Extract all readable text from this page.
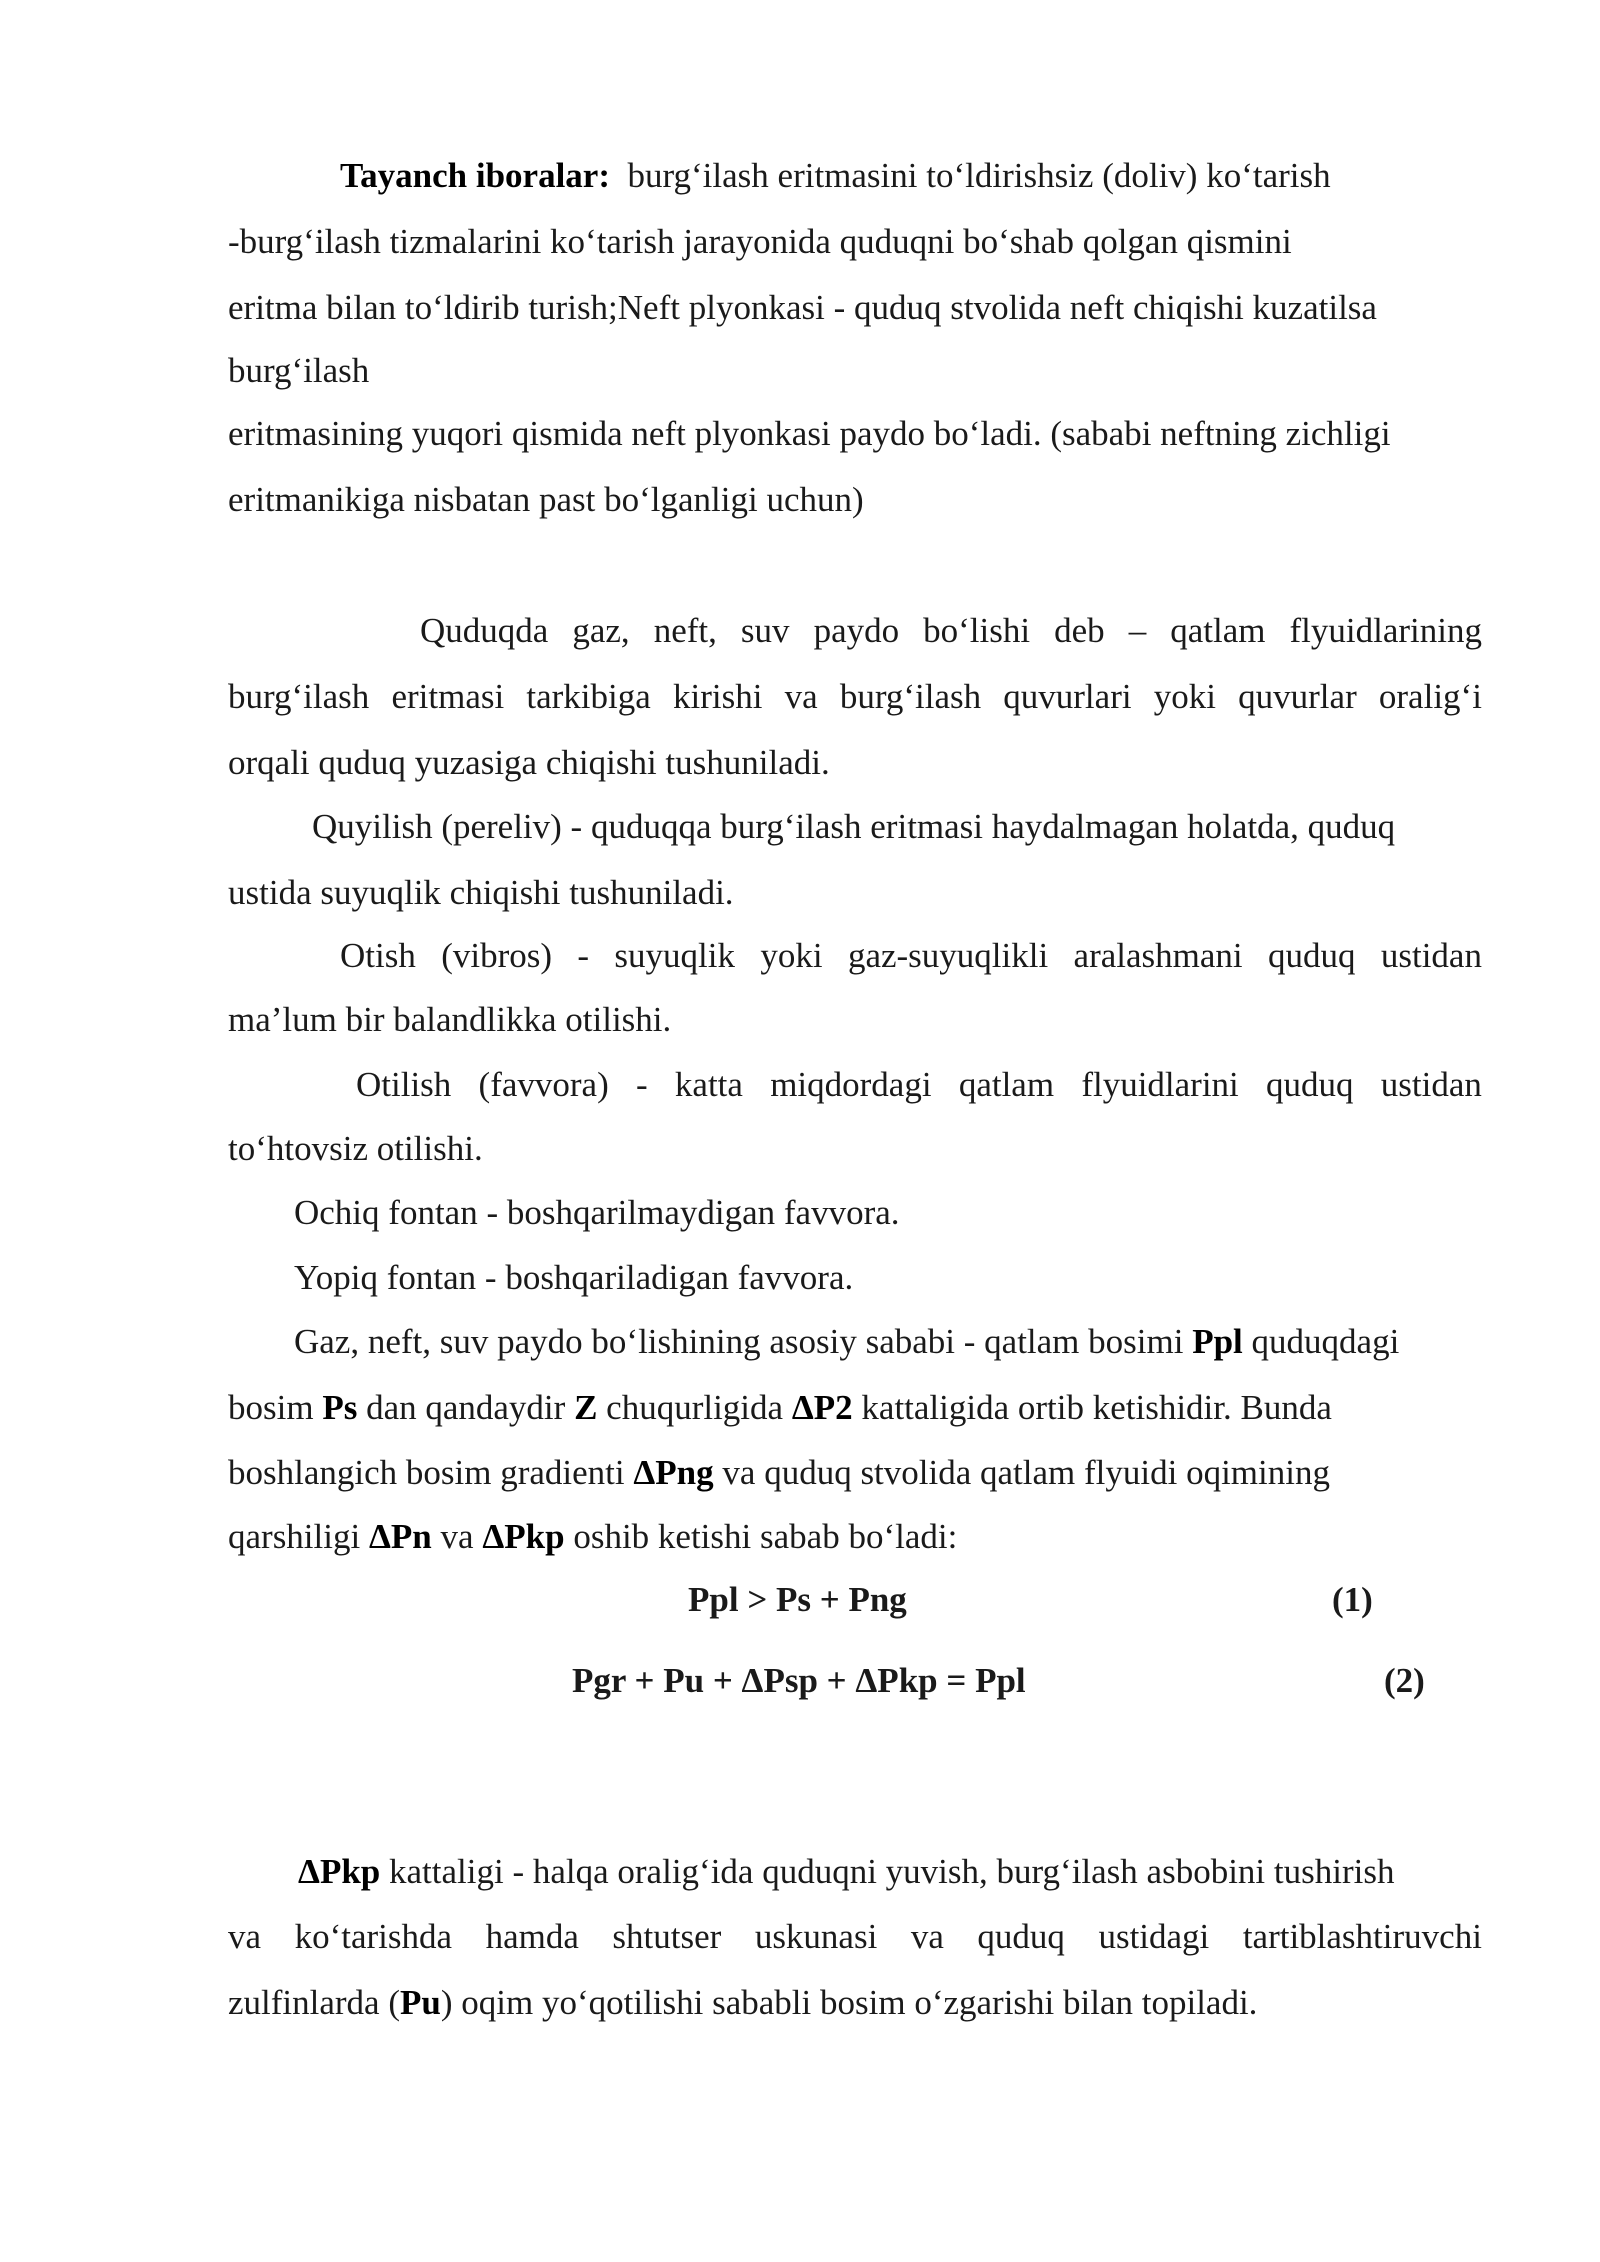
Tayanch iboralar: burg‘ilash eritmasini to‘ldirishsiz (doliv) ko‘tarish
-burg‘ilash tizmalarini ko‘tarish jarayonida quduqni bo‘shab qolgan qismini
eritma bilan to‘ldirib turish;Neft plyonkasi - quduq stvolida neft chiqishi kuzatilsa
burg‘ilash
eritmasining yuqori qismida neft plyonkasi paydo bo‘ladi. (sababi neftning zichligi
eritmanikiga nisbatan past bo‘lganligi uchun)
Quduqda gaz, neft, suv paydo bo‘lishi deb – qatlam flyuidlarining
burg‘ilash eritmasi tarkibiga kirishi va burg‘ilash quvurlari yoki quvurlar oralig‘i
orqali quduq yuzasiga chiqishi tushuniladi.
Quyilish (pereliv) - quduqqa burg‘ilash eritmasi haydalmagan holatda, quduq
ustida suyuqlik chiqishi tushuniladi.
Otish (vibros) - suyuqlik yoki gaz-suyuqlikli aralashmani quduq ustidan
ma’lum bir balandlikka otilishi.
Otilish (favvora) - katta miqdordagi qatlam flyuidlarini quduq ustidan
to‘htovsiz otilishi.
Ochiq fontan - boshqarilmaydigan favvora.
Yopiq fontan - boshqariladigan favvora.
Gaz, neft, suv paydo bo‘lishining asosiy sababi - qatlam bosimi Ppl quduqdagi
bosim Ps dan qandaydir Z chuqurligida ΔP2 kattaligida ortib ketishidir. Bunda
boshlangich bosim gradienti ΔPng va quduq stvolida qatlam flyuidi oqimining
qarshiligi ΔPn va ΔPkp oshib ketishi sabab bo‘ladi:
Ppl > Ps + Png	(1)
Pgr + Pu + ΔPsp + ΔPkp = Ppl	(2)
ΔPkp kattaligi - halqa oralig‘ida quduqni yuvish, burg‘ilash asbobini tushirish
va ko‘tarishda hamda shtutser uskunasi va quduq ustidagi tartiblashtiruvchi
zulfinlarda (Pu) oqim yo‘qotilishi sababli bosim o‘zgarishi bilan topiladi.
